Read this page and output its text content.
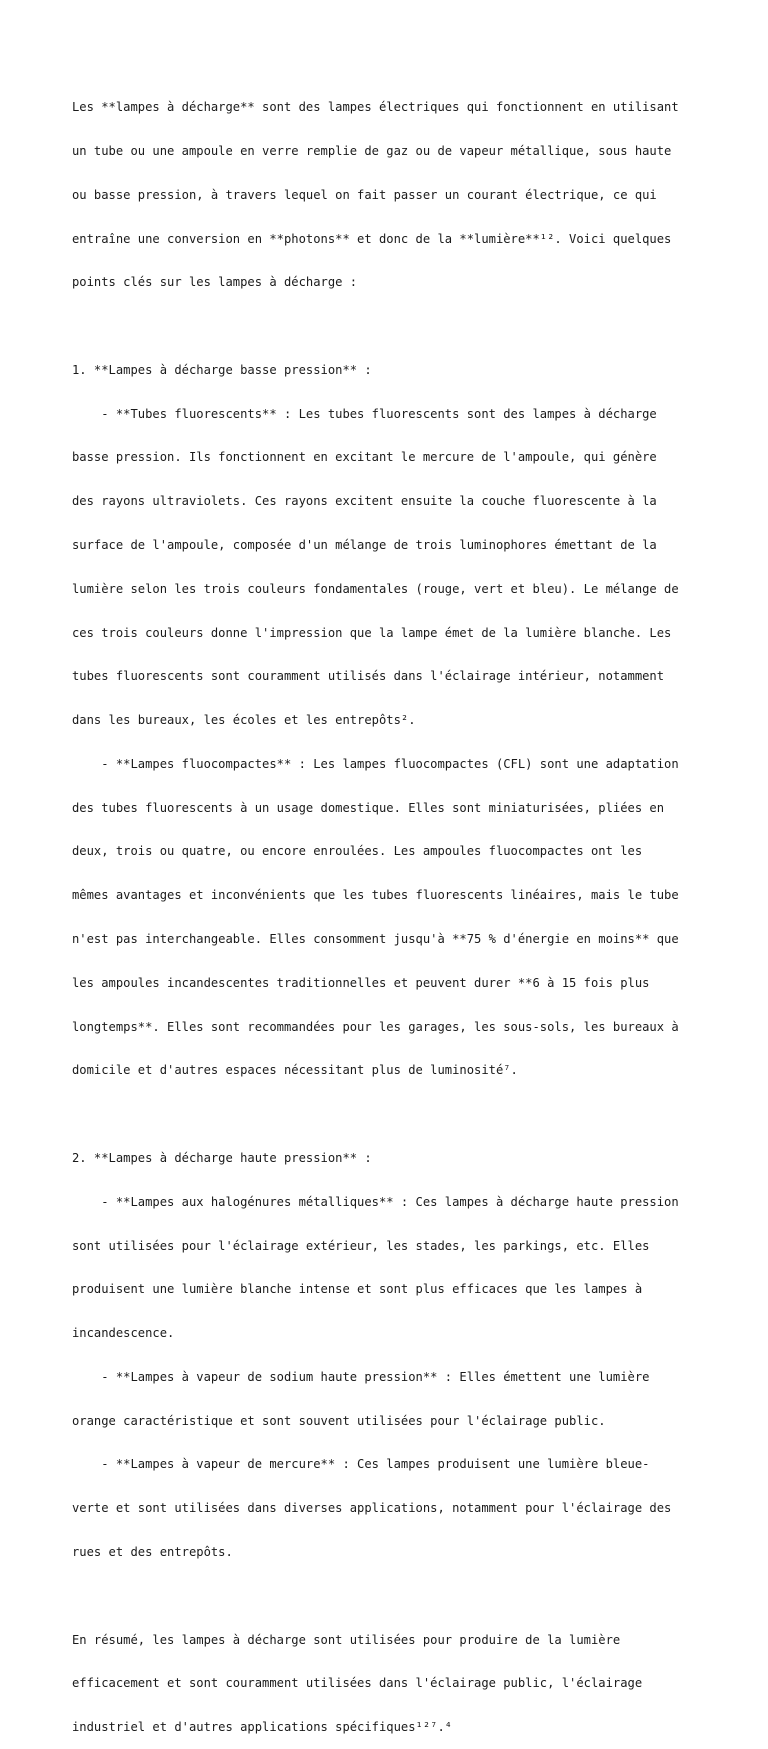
Les **lampes à décharge** sont des lampes électriques qui fonctionnent en utilisant

un tube ou une ampoule en verre remplie de gaz ou de vapeur métallique, sous haute

ou basse pression, à travers lequel on fait passer un courant électrique, ce qui

entraîne une conversion en **photons** et donc de la **lumière**¹². Voici quelques

points clés sur les lampes à décharge :

1. **Lampes à décharge basse pression** :

- **Tubes fluorescents** : Les tubes fluorescents sont des lampes à décharge

basse pression. Ils fonctionnent en excitant le mercure de l'ampoule, qui génère

des rayons ultraviolets. Ces rayons excitent ensuite la couche fluorescente à la

surface de l'ampoule, composée d'un mélange de trois luminophores émettant de la

lumière selon les trois couleurs fondamentales (rouge, vert et bleu). Le mélange de

ces trois couleurs donne l'impression que la lampe émet de la lumière blanche. Les

tubes fluorescents sont couramment utilisés dans l'éclairage intérieur, notamment

dans les bureaux, les écoles et les entrepôts².

- **Lampes fluocompactes** : Les lampes fluocompactes (CFL) sont une adaptation

des tubes fluorescents à un usage domestique. Elles sont miniaturisées, pliées en

deux, trois ou quatre, ou encore enroulées. Les ampoules fluocompactes ont les

mêmes avantages et inconvénients que les tubes fluorescents linéaires, mais le tube

n'est pas interchangeable. Elles consomment jusqu'à **75 % d'énergie en moins** que

les ampoules incandescentes traditionnelles et peuvent durer **6 à 15 fois plus

longtemps**. Elles sont recommandées pour les garages, les sous-sols, les bureaux à

domicile et d'autres espaces nécessitant plus de luminosité⁷.

2. **Lampes à décharge haute pression** :

- **Lampes aux halogénures métalliques** : Ces lampes à décharge haute pression

sont utilisées pour l'éclairage extérieur, les stades, les parkings, etc. Elles

produisent une lumière blanche intense et sont plus efficaces que les lampes à

incandescence.

- **Lampes à vapeur de sodium haute pression** : Elles émettent une lumière

orange caractéristique et sont souvent utilisées pour l'éclairage public.

- **Lampes à vapeur de mercure** : Ces lampes produisent une lumière bleue-

verte et sont utilisées dans diverses applications, notamment pour l'éclairage des

rues et des entrepôts.

En résumé, les lampes à décharge sont utilisées pour produire de la lumière

efficacement et sont couramment utilisées dans l'éclairage public, l'éclairage

industriel et d'autres applications spécifiques¹²⁷.⁴
